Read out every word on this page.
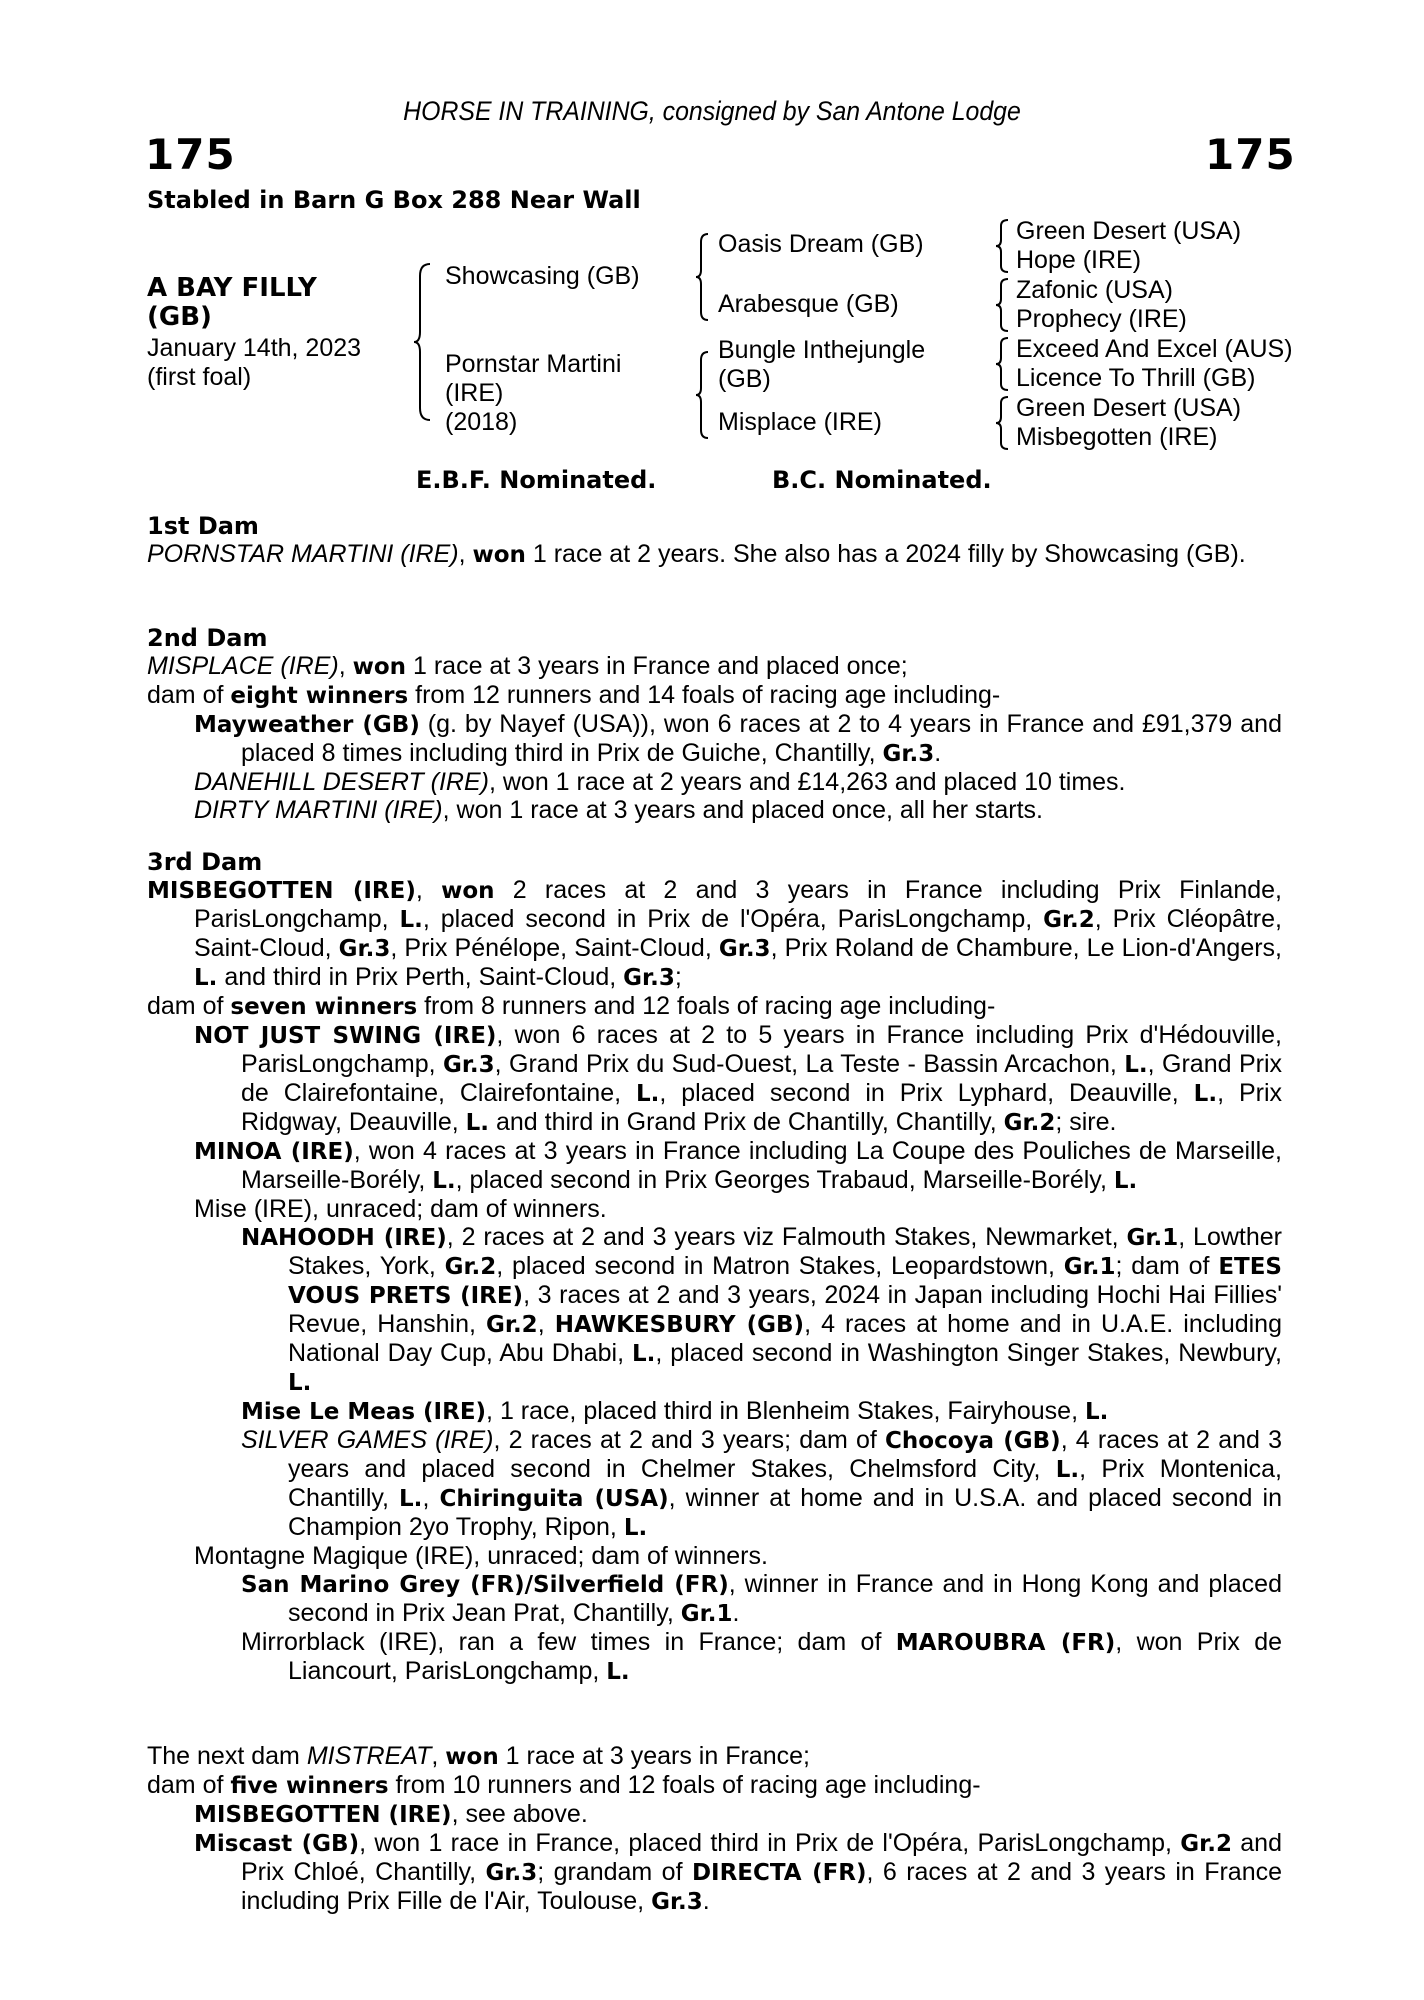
HORSE IN TRAINING, consigned by San Antone Lodge
175	175
Stabled in Barn G Box 288 Near Wall
A BAY FILLY
(GB)
January 14th, 2023
(first foal)
Showcasing (GB)
Pornstar Martini
(IRE)
(2018)
Oasis Dream (GB)
Arabesque (GB)
Bungle Inthejungle
(GB)
Misplace (IRE)
Green Desert (USA)
Hope (IRE)
Zafonic (USA)
Prophecy (IRE)
Exceed And Excel (AUS)
Licence To Thrill (GB)
Green Desert (USA)
Misbegotten (IRE)
E.B.F. Nominated.	B.C. Nominated.
1st Dam
PORNSTAR MARTINI (IRE), won 1 race at 2 years. She also has a 2024 filly by Showcasing (GB).
2nd Dam
MISPLACE (IRE), won 1 race at 3 years in France and placed once;
dam of eight winners from 12 runners and 14 foals of racing age including-
Mayweather (GB) (g. by Nayef (USA)), won 6 races at 2 to 4 years in France and £91,379 and placed 8 times including third in Prix de Guiche, Chantilly, Gr.3.
DANEHILL DESERT (IRE), won 1 race at 2 years and £14,263 and placed 10 times.
DIRTY MARTINI (IRE), won 1 race at 3 years and placed once, all her starts.
3rd Dam
MISBEGOTTEN (IRE), won 2 races at 2 and 3 years in France including Prix Finlande, ParisLongchamp, L., placed second in Prix de l'Opéra, ParisLongchamp, Gr.2, Prix Cléopâtre, Saint-Cloud, Gr.3, Prix Pénélope, Saint-Cloud, Gr.3, Prix Roland de Chambure, Le Lion-d'Angers, L. and third in Prix Perth, Saint-Cloud, Gr.3;
dam of seven winners from 8 runners and 12 foals of racing age including-
NOT JUST SWING (IRE), won 6 races at 2 to 5 years in France including Prix d'Hédouville, ParisLongchamp, Gr.3, Grand Prix du Sud-Ouest, La Teste - Bassin Arcachon, L., Grand Prix de Clairefontaine, Clairefontaine, L., placed second in Prix Lyphard, Deauville, L., Prix Ridgway, Deauville, L. and third in Grand Prix de Chantilly, Chantilly, Gr.2; sire.
MINOA (IRE), won 4 races at 3 years in France including La Coupe des Pouliches de Marseille, Marseille-Borély, L., placed second in Prix Georges Trabaud, Marseille-Borély, L.
Mise (IRE), unraced; dam of winners.
NAHOODH (IRE), 2 races at 2 and 3 years viz Falmouth Stakes, Newmarket, Gr.1, Lowther Stakes, York, Gr.2, placed second in Matron Stakes, Leopardstown, Gr.1; dam of ETES VOUS PRETS (IRE), 3 races at 2 and 3 years, 2024 in Japan including Hochi Hai Fillies' Revue, Hanshin, Gr.2, HAWKESBURY (GB), 4 races at home and in U.A.E. including National Day Cup, Abu Dhabi, L., placed second in Washington Singer Stakes, Newbury, L.
Mise Le Meas (IRE), 1 race, placed third in Blenheim Stakes, Fairyhouse, L.
SILVER GAMES (IRE), 2 races at 2 and 3 years; dam of Chocoya (GB), 4 races at 2 and 3 years and placed second in Chelmer Stakes, Chelmsford City, L., Prix Montenica, Chantilly, L., Chiringuita (USA), winner at home and in U.S.A. and placed second in Champion 2yo Trophy, Ripon, L.
Montagne Magique (IRE), unraced; dam of winners.
San Marino Grey (FR)/Silverfield (FR), winner in France and in Hong Kong and placed second in Prix Jean Prat, Chantilly, Gr.1.
Mirrorblack (IRE), ran a few times in France; dam of MAROUBRA (FR), won Prix de Liancourt, ParisLongchamp, L.
The next dam MISTREAT, won 1 race at 3 years in France;
dam of five winners from 10 runners and 12 foals of racing age including-
MISBEGOTTEN (IRE), see above.
Miscast (GB), won 1 race in France, placed third in Prix de l'Opéra, ParisLongchamp, Gr.2 and Prix Chloé, Chantilly, Gr.3; grandam of DIRECTA (FR), 6 races at 2 and 3 years in France including Prix Fille de l'Air, Toulouse, Gr.3.
